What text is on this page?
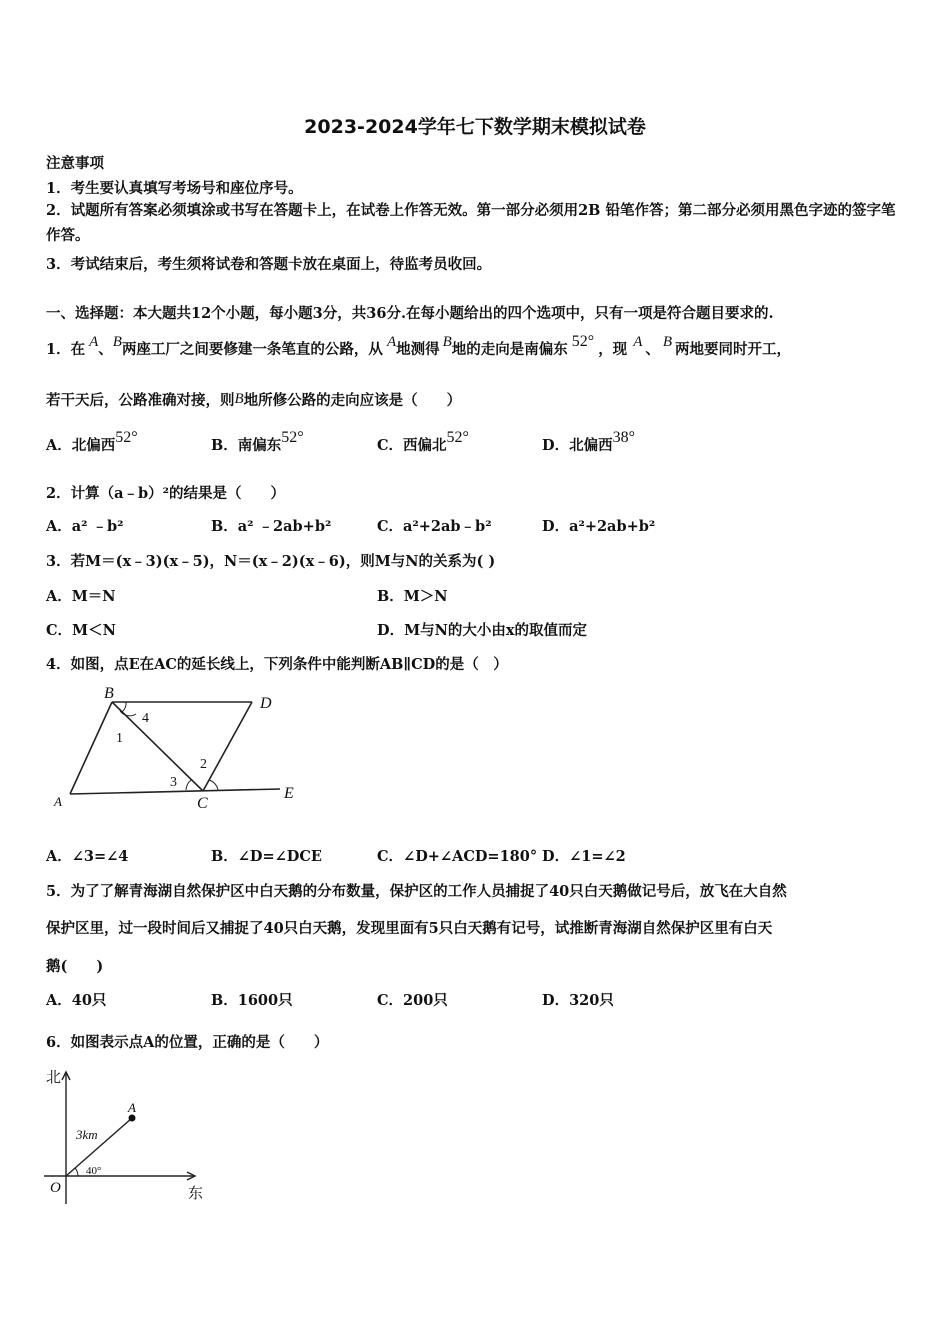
2023-2024学年七下数学期末模拟试卷
注意事项
1．考生要认真填写考场号和座位序号。
2．试题所有答案必须填涂或书写在答题卡上，在试卷上作答无效。第一部分必须用2B 铅笔作答；第二部分必须用黑色字迹的签字笔作答。
3．考试结束后，考生须将试卷和答题卡放在桌面上，待监考员收回。
一、选择题：本大题共12个小题，每小题3分，共36分.在每小题给出的四个选项中，只有一项是符合题目要求的.
1．在 A、B两座工厂之间要修建一条笔直的公路，从 A地测得 B地的走向是南偏东 52° ，现 A 、 B 两地要同时开工，
若干天后，公路准确对接，则B地所修公路的走向应该是（　　）
A．北偏西52°	B．南偏东52°	C．西偏北52°	D．北偏西38°
2．计算（a﹣b）²的结果是（　　）
A．a² ﹣b²	B．a² ﹣2ab+b²	C．a²+2ab﹣b²	D．a²+2ab+b²
3．若M＝(x﹣3)(x﹣5)，N＝(x﹣2)(x﹣6)，则M与N的关系为( )
A．M＝N	B．M＞N
C．M＜N	D．M与N的大小由x的取值而定
4．如图，点E在AC的延长线上，下列条件中能判断AB∥CD的是（　）
B
D
A	C
E
1
2
3
4
A．∠3=∠4	B．∠D=∠DCE	C．∠D+∠ACD=180° D．∠1=∠2
5．为了了解青海湖自然保护区中白天鹅的分布数量，保护区的工作人员捕捉了40只白天鹅做记号后，放飞在大自然
保护区里，过一段时间后又捕捉了40只白天鹅，发现里面有5只白天鹅有记号，试推断青海湖自然保护区里有白天
鹅(　　)
A．40只	B．1600只	C．200只	D．320只
6．如图表示点A的位置，正确的是（　　）
北
东
O
A
3km
40°
